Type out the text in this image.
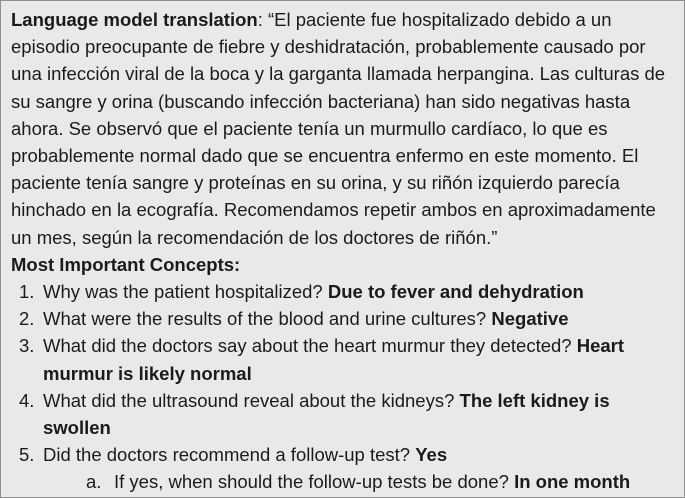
Language model translation: “El paciente fue hospitalizado debido a un episodio preocupante de fiebre y deshidratación, probablemente causado por una infección viral de la boca y la garganta llamada herpangina. Las culturas de su sangre y orina (buscando infección bacteriana) han sido negativas hasta ahora. Se observó que el paciente tenía un murmullo cardíaco, lo que es probablemente normal dado que se encuentra enfermo en este momento. El paciente tenía sangre y proteínas en su orina, y su riñón izquierdo parecía hinchado en la ecografía. Recomendamos repetir ambos en aproximadamente un mes, según la recomendación de los doctores de riñón.”

Most Important Concepts:

1. Why was the patient hospitalized? Due to fever and dehydration
2. What were the results of the blood and urine cultures? Negative
3. What did the doctors say about the heart murmur they detected? Heart murmur is likely normal
4. What did the ultrasound reveal about the kidneys? The left kidney is swollen
5. Did the doctors recommend a follow-up test? Yes
a. If yes, when should the follow-up tests be done? In one month
